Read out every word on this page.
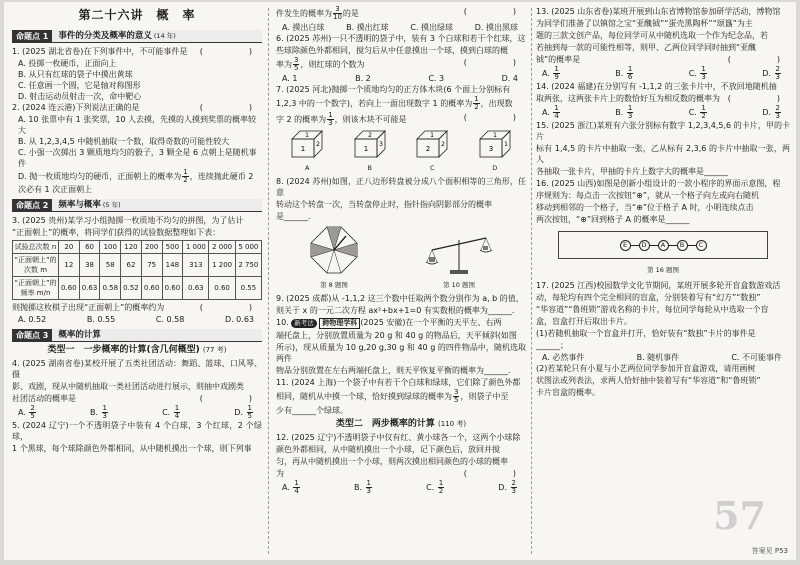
第二十六讲　概　率
命题点 1	事件的分类及概率的意义 (14 年)
(　　)
1. (2025 湖北省卷)在下列事件中，不可能事件是
A. 投掷一枚硬币，正面向上
B. 从只有红球的袋子中摸出黄球
C. 任意画一个圆，它是轴对称图形
D. 射击运动员射击一次，命中靶心
(　　)
2. (2024 连云港)下列说法正确的是
A. 10 张票中有 1 张奖票，10 人去摸，先摸的人摸到奖票的概率较大
B. 从 1,2,3,4,5 中随机抽取一个数，取得奇数的可能性较大
C. 小强一次掷出 3 颗质地均匀的骰子，3 颗全是 6 点朝上是随机事件
D. 抛一枚质地均匀的硬币，正面朝上的概率为 $\frac{1}{2}$ ，连续抛此硬币 2
次必有 1 次正面朝上
命题点 2	频率与概率 (5 年)
3. (2025 贵州)某学习小组抛掷一枚质地不均匀的拼图，为了估计
“正面朝上”的概率，将同学们获得的试验数据整理如下表：
试验总次数 n	20	60	100	120	200	500	1 000	2 000	5 000
“正面朝上”的次数 m	12	38	58	62	75	148	313	1 200	2 750
“正面朝上”的频率 m/n	0.60	0.63	0.58	0.52	0.60	0.60	0.63	0.60	0.55
(　　)
则抛掷这枚棋子出现“正面朝上”的概率约为
A. 0.52	B. 0.55	C. 0.58	D. 0.63
命题点 3	概率的计算
类型一　一步概率的计算(含几何概型) (77 考)
4. (2025 湖南省卷)某校开展了五类社团活动：舞蹈、篮球、口风琴、摄
影、戏剧，现从中随机抽取一类社团活动进行展示，则抽中戏剧类
(　　)
社团活动的概率是
A. $\frac{2}{5}$	B. $\frac{1}{3}$	C. $\frac{1}{4}$	D. $\frac{1}{5}$
5. (2024 辽宁)一个不透明袋子中装有 4 个白球，3 个红球，2 个绿球，
1 个黑球，每个球除颜色外都相同，从中随机摸出一个球，则下列事
(　　)
件发生的概率为 $\frac{3}{10}$ 的是
A. 摸出白球	B. 摸出红球	C. 摸出绿球	D. 摸出黑球
6. (2025 苏州)一只不透明的袋子中，装有 3 个白球和若干个红球，这
些球除颜色外都相同，搅匀后从中任意摸出一个球，摸到白球的概
(　　)
率为 $\frac{3}{5}$ ，则红球的个数为
A. 1	B. 2	C. 3	D. 4
7. (2025 河北)抛掷一个质地均匀的正方体木块(6 个面上分别标有
1,2,3 中的一个数字)，若向上一面出现数字 1 的概率为 $\frac{1}{2}$ ，出现数
(　　)
字 2 的概率为 $\frac{1}{3}$ ，则该木块不可能是
1
2
1
A
1
3
2
B
2
2
1
C
3
1
1
D
8. (2024 苏州)如图，正八边形转盘被分成八个面积相等的三角形，任意
转动这个转盘一次，当转盘停止时，指针指向阴影部分的概率
是______.
第 8 题图	第 10 题图
9. (2025 成都)从 -1,1,2 这三个数中任取两个数分别作为 a, b 的值，
则关于 x 的一元二次方程 ax²+bx+1=0 有实数根的概率为______.
10. 新考法 跨物理学科 (2025 安徽)在一个平衡的天平左、右两
端托盘上，分别放置质量为 20 g 和 40 g 的物品后，天平倾斜(如图
所示)，现从质量为 10 g,20 g,30 g 和 40 g 的四件物品中，随机选取两件
物品分别放置在左右两端托盘上，则天平恢复平衡的概率为______.
11. (2024 上海)一个袋子中有若干个白球和绿球，它们除了颜色外都
相同，随机从中摸一个球，恰好摸到绿球的概率为 $\frac{3}{5}$ ，则袋子中至
少有______个绿球。
类型二　两步概率的计算 (110 考)
12. (2025 辽宁)不透明袋子中仅有红、黄小球各一个，这两个小球除
颜色外都相同，从中随机摸出一个小球，记下颜色后，放回并搅
匀，再从中随机摸出一个小球，则两次摸出相同颜色的小球的概率
(　　)
为
A. $\frac{1}{4}$	B. $\frac{1}{3}$	C. $\frac{1}{2}$	D. $\frac{2}{3}$
13. (2025 山东省卷)某班开展到山东省博物馆参加研学活动，博物馆
为同学们准备了以镇馆之宝“亚醜钺”“蛋壳黑陶杯”“颂簋”为主
题的三款文创产品，每位同学可从中随机选取一个作为纪念品，若
若抽到每一款的可能性相等，则甲、乙两位同学同时抽到“亚醜
(　　)
钺”的概率是
A. $\frac{1}{9}$	B. $\frac{1}{6}$	C. $\frac{1}{3}$	D. $\frac{2}{3}$
14. (2024 福建)在分别写有 -1,1,2 的三张卡片中，不放回地随机抽
(　　)
取两张，这两张卡片上的数恰好互为相反数的概率为
A. $\frac{1}{4}$	B. $\frac{1}{3}$	C. $\frac{1}{2}$	D. $\frac{2}{3}$
15. (2025 浙江)某班有六张分别标有数字 1,2,3,4,5,6 的卡片，甲的卡片
标有 1,4,5 的卡片中抽取一张，乙从标有 2,3,6 的卡片中抽取一张，两人
各抽取一张卡片，甲抽的卡片上数字大的概率是______
16. (2025 山西)如图是创新小组设计的一款小程序的界面示意图，程
序规则为：每点击一次按钮“⊕”，就从一个格子向左或向右随机
移动到相邻的一个格子，当“⊕”位于格子 A 时，小明连续点击
两次按钮，“⊕”回到格子 A 的概率是______
E	D	A	B	C
第 16 题图
17. (2025 江西)校园数学文化节期间，某班开展多轮开盲盒数游戏活
动，每轮均有四个完全相同的盲盒，分别装着写有“幻方”“数独”
“华容道”“鲁班锁”游戏名称的卡片，每位同学每轮从中选取一个盲
盒，盲盒打开后取出卡片。
(1)若随机抽取一个盲盒并打开，恰好装有“数独”卡片的事件是
______；
A. 必然事件	B. 随机事件	C. 不可能事件
(2)若某轮只有小夏与小艺两位同学参加开盲盒游戏，请用画树
状图法或列表法，求两人恰好抽中装着写有“华容道”和“鲁班锁”
卡片盲盒的概率。
57
答案见 P53
